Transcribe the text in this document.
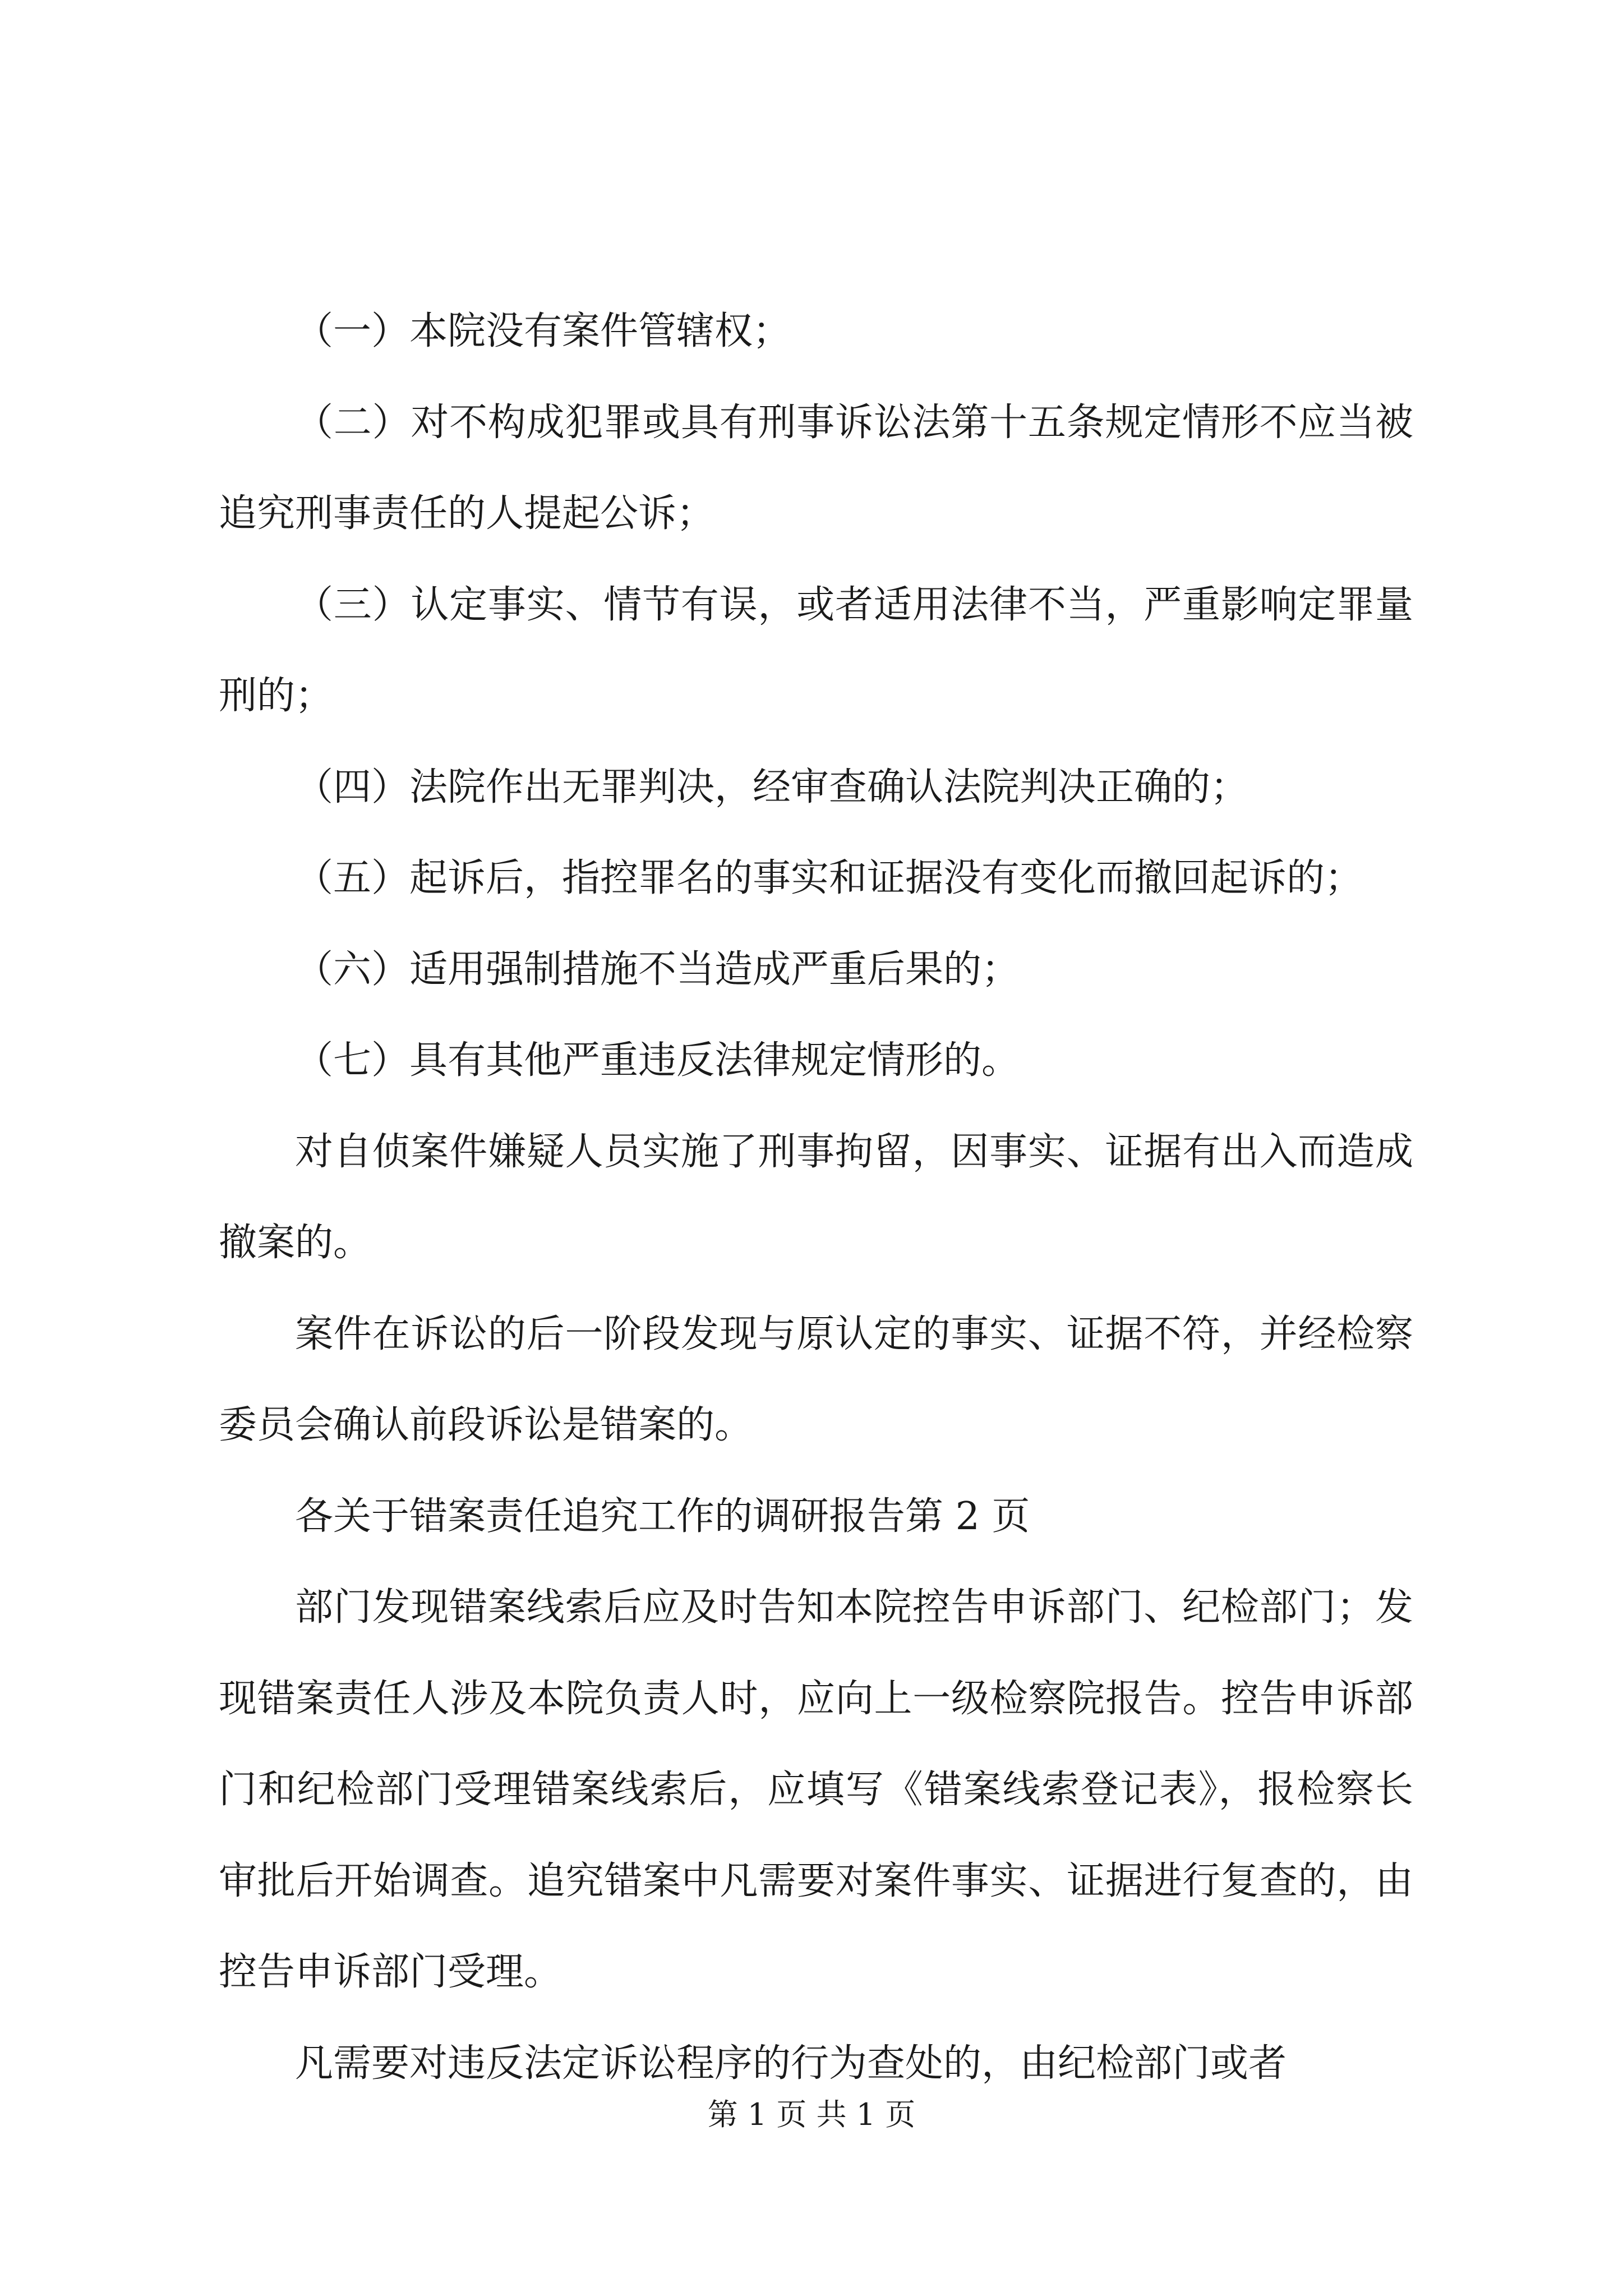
（一）本院没有案件管辖权；

（二）对不构成犯罪或具有刑事诉讼法第十五条规定情形不应当被追究刑事责任的人提起公诉；

（三）认定事实、情节有误，或者适用法律不当，严重影响定罪量刑的；

（四）法院作出无罪判决，经审查确认法院判决正确的；

（五）起诉后，指控罪名的事实和证据没有变化而撤回起诉的；

（六）适用强制措施不当造成严重后果的；

（七）具有其他严重违反法律规定情形的。

对自侦案件嫌疑人员实施了刑事拘留，因事实、证据有出入而造成撤案的。

案件在诉讼的后一阶段发现与原认定的事实、证据不符，并经检察委员会确认前段诉讼是错案的。

各关于错案责任追究工作的调研报告第 2 页

部门发现错案线索后应及时告知本院控告申诉部门、纪检部门；发现错案责任人涉及本院负责人时，应向上一级检察院报告。控告申诉部门和纪检部门受理错案线索后，应填写《错案线索登记表》，报检察长审批后开始调查。追究错案中凡需要对案件事实、证据进行复查的，由控告申诉部门受理。

凡需要对违反法定诉讼程序的行为查处的，由纪检部门或者

第 1 页 共 1 页
